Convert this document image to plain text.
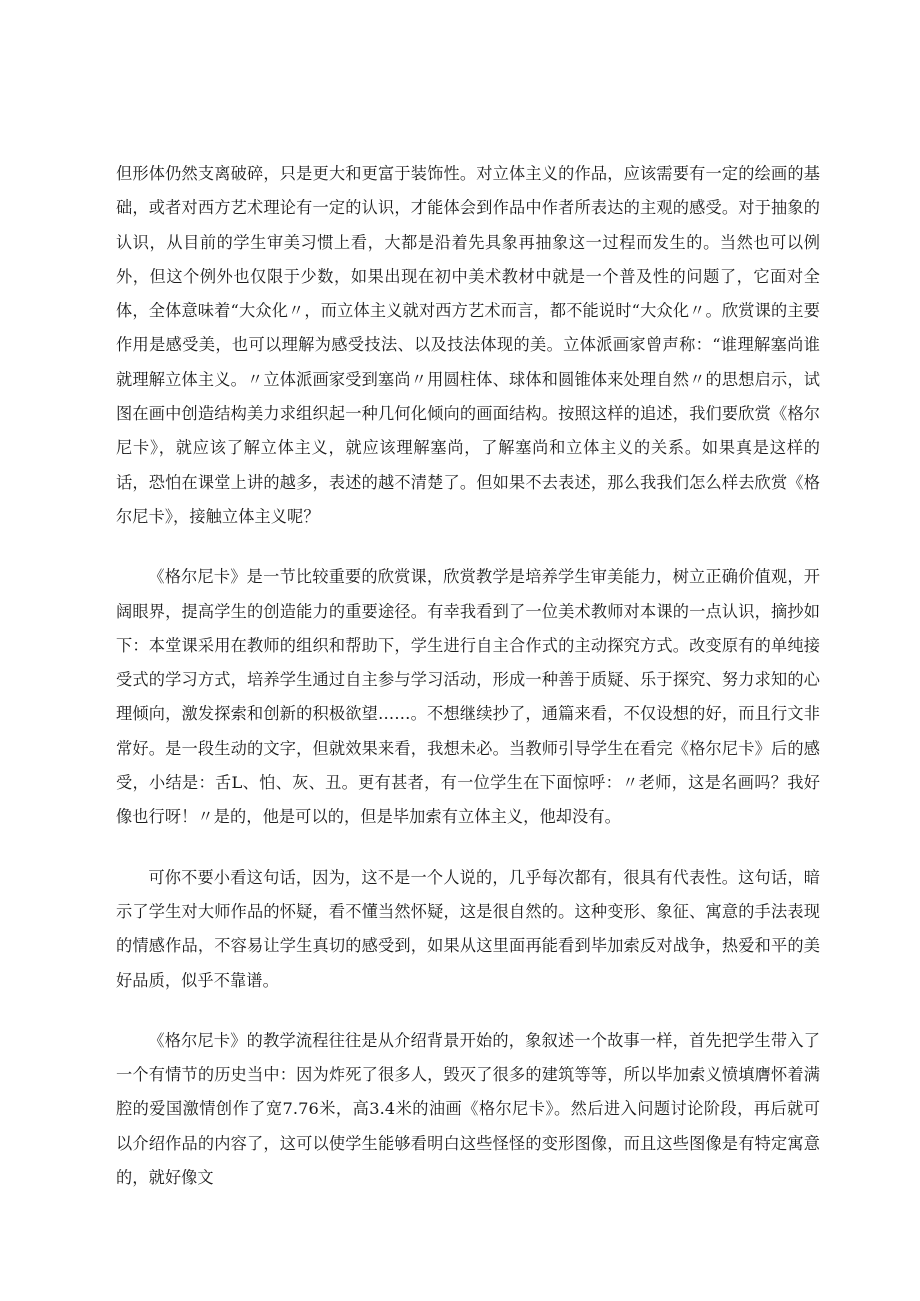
但形体仍然支离破碎，只是更大和更富于装饰性。对立体主义的作品，应该需要有一定的绘画的基础，或者对西方艺术理论有一定的认识，才能体会到作品中作者所表达的主观的感受。对于抽象的认识，从目前的学生审美习惯上看，大都是沿着先具象再抽象这一过程而发生的。当然也可以例外，但这个例外也仅限于少数，如果出现在初中美术教材中就是一个普及性的问题了，它面对全体，全体意味着“大众化〃，而立体主义就对西方艺术而言，都不能说时“大众化〃。欣赏课的主要作用是感受美，也可以理解为感受技法、以及技法体现的美。立体派画家曾声称：“谁理解塞尚谁就理解立体主义。〃立体派画家受到塞尚〃用圆柱体、球体和圆锥体来处理自然〃的思想启示，试图在画中创造结构美力求组织起一种几何化倾向的画面结构。按照这样的追述，我们要欣赏《格尔尼卡》，就应该了解立体主义，就应该理解塞尚，了解塞尚和立体主义的关系。如果真是这样的话，恐怕在课堂上讲的越多，表述的越不清楚了。但如果不去表述，那么我我们怎么样去欣赏《格尔尼卡》，接触立体主义呢？

《格尔尼卡》是一节比较重要的欣赏课，欣赏教学是培养学生审美能力，树立正确价值观，开阔眼界，提高学生的创造能力的重要途径。有幸我看到了一位美术教师对本课的一点认识，摘抄如下：本堂课采用在教师的组织和帮助下，学生进行自主合作式的主动探究方式。改变原有的单纯接受式的学习方式，培养学生通过自主参与学习活动，形成一种善于质疑、乐于探究、努力求知的心理倾向，激发探索和创新的积极欲望……。不想继续抄了，通篇来看，不仅设想的好，而且行文非常好。是一段生动的文字，但就效果来看，我想未必。当教师引导学生在看完《格尔尼卡》后的感受，小结是：舌L、怕、灰、丑。更有甚者，有一位学生在下面惊呼：〃老师，这是名画吗？我好像也行呀！〃是的，他是可以的，但是毕加索有立体主义，他却没有。

可你不要小看这句话，因为，这不是一个人说的，几乎每次都有，很具有代表性。这句话，暗示了学生对大师作品的怀疑，看不懂当然怀疑，这是很自然的。这种变形、象征、寓意的手法表现的情感作品，不容易让学生真切的感受到，如果从这里面再能看到毕加索反对战争，热爱和平的美好品质，似乎不靠谱。

《格尔尼卡》的教学流程往往是从介绍背景开始的，象叙述一个故事一样，首先把学生带入了一个有情节的历史当中：因为炸死了很多人，毁灭了很多的建筑等等，所以毕加索义愤填膺怀着满腔的爱国激情创作了宽7.76米，高3.4米的油画《格尔尼卡》。然后进入问题讨论阶段，再后就可以介绍作品的内容了，这可以使学生能够看明白这些怪怪的变形图像，而且这些图像是有特定寓意的，就好像文
